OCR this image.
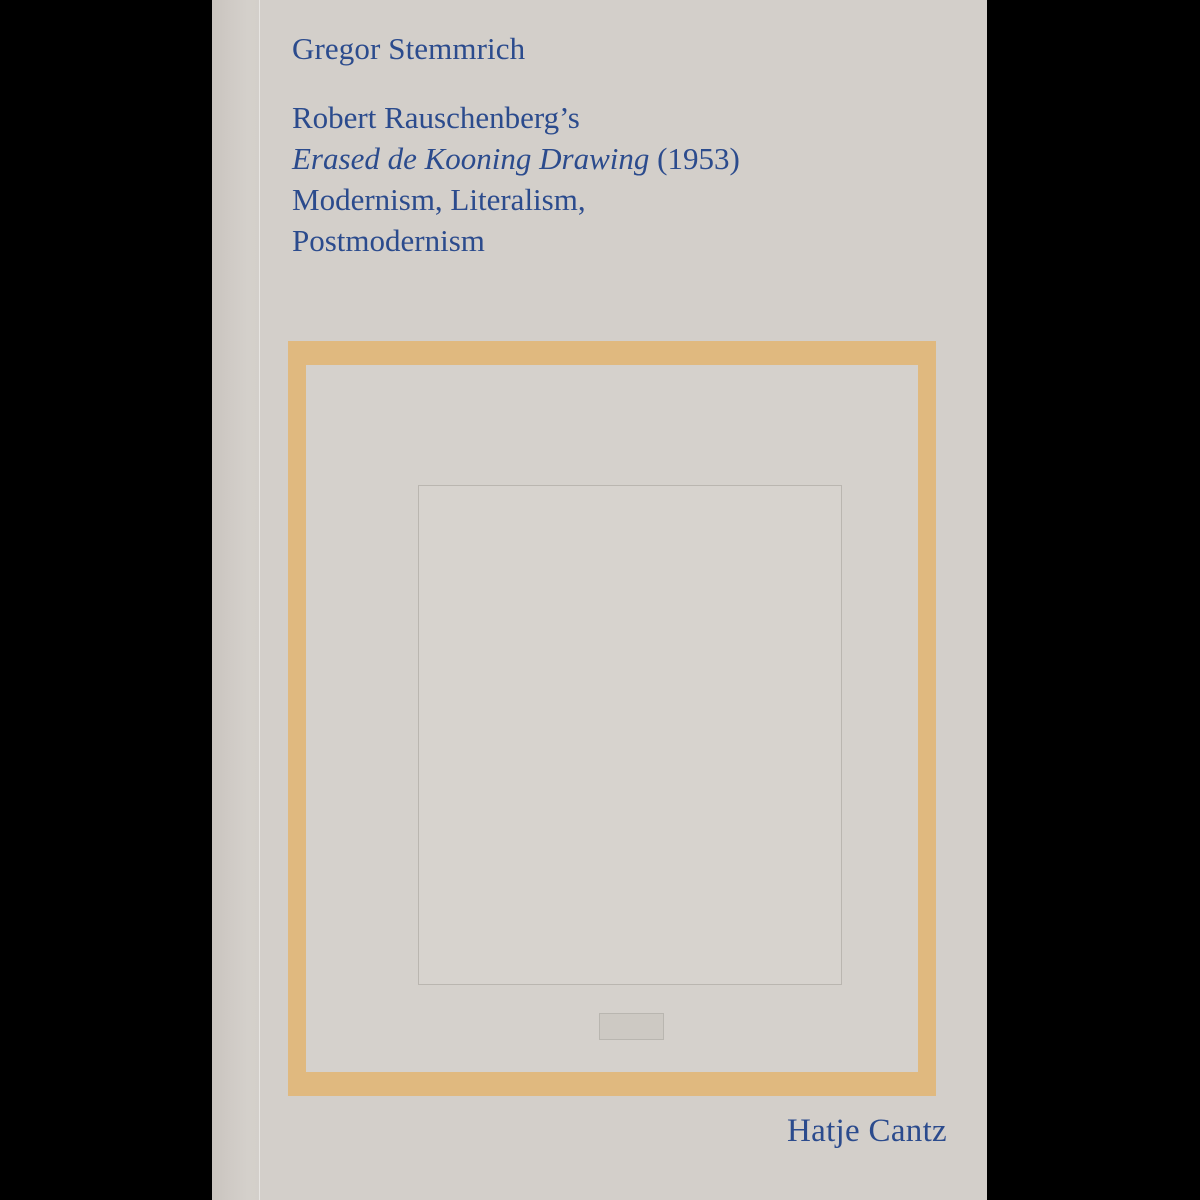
Gregor Stemmrich
Robert Rauschenberg’s
Erased de Kooning Drawing (1953)
Modernism, Literalism,
Postmodernism
Hatje Cantz
